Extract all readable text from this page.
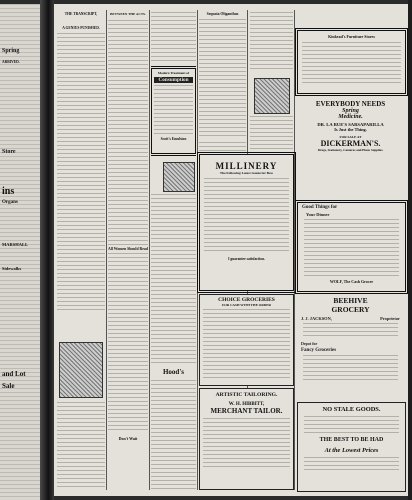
Spring
ARRIVED.
ins
Organs
MARSHALL
Sidewalks
Store
and Lot
Sale
THE TRANSCRIPT,
A GENIUS PUNISHED.
BETWEEN THE ACTS.
All Women Should Read
Don't Wait
Modern Treatment of
Consumption
Scott's Emulsion
Hood's
Sequoia Oliganthus
MILLINERY
The Following Latest Gauze for Bow
I guarantee satisfaction.
CHOICE GROCERIES
FOR CASH WITH THE ORDER
ARTISTIC TAILORING.
W. H. HIBBITT,
MERCHANT TAILOR.
Kinkead's Furniture Stores
EVERYBODY NEEDS
Spring
Medicine.
DR. LA RUE'S SARSAPARILLA
Is Just the Thing.
FOR SALE AT
DICKERMAN'S.
Drugs, Stationery, Cameras and Photo Supplies.
Good Things for
Your Dinner
WOLF, The Cash Grocer
BEEHIVE
GROCERY
J. J. JACKSON,	Proprietor
Depot for
Fancy Groceries
NO STALE GOODS.
THE BEST TO BE HAD
At the Lowest Prices
